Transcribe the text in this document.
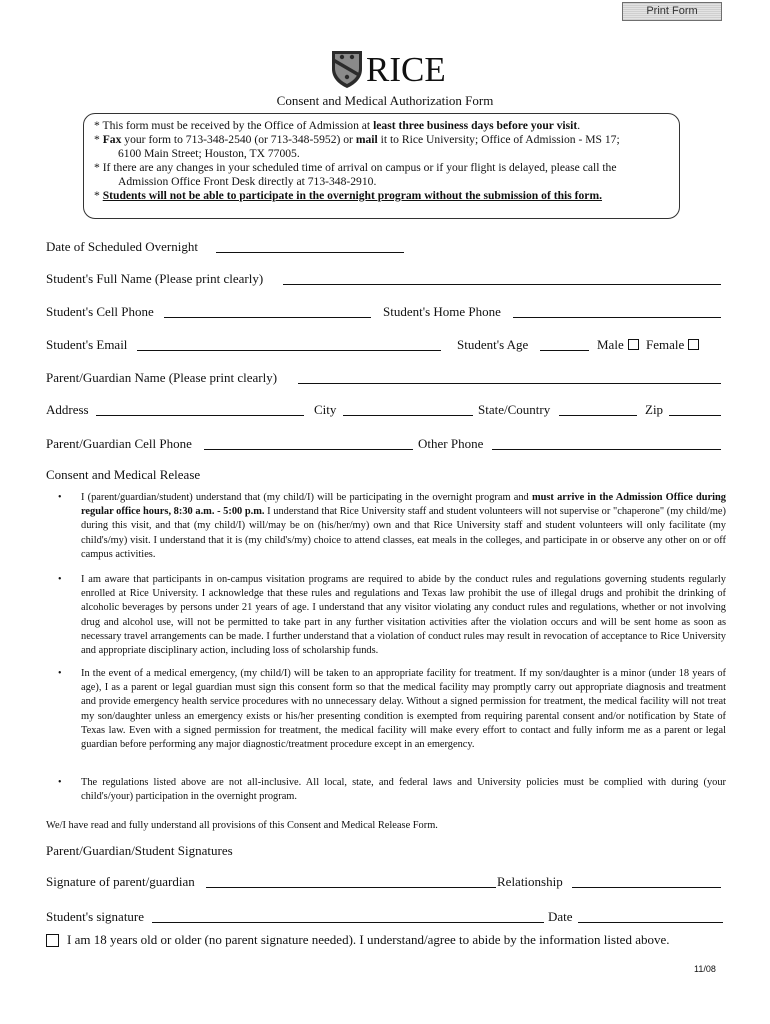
Print Form
RICE
Consent and Medical Authorization Form

* This form must be received by the Office of Admission at least three business days before your visit.

* Fax your form to 713-348-2540 (or 713-348-5952) or mail it to Rice University; Office of Admission - MS 17;

6100 Main Street; Houston, TX 77005.

* If there are any changes in your scheduled time of arrival on campus or if your flight is delayed, please call the

Admission Office Front Desk directly at 713-348-2910.

* Students will not be able to participate in the overnight program without the submission of this form.

Date of Scheduled Overnight
Student's Full Name (Please print clearly)
Student's Cell Phone	Student's Home Phone
Student's Email	Student's Age	Male Female
Parent/Guardian Name (Please print clearly)
Address	City	State/Country	Zip
Parent/Guardian Cell Phone	Other Phone
Consent and Medical Release
• I (parent/guardian/student) understand that (my child/I) will be participating in the overnight program and must arrive in the Admission Office during regular office hours, 8:30 a.m. - 5:00 p.m. I understand that Rice University staff and student volunteers will not supervise or "chaperone" (my child/me) during this visit, and that (my child/I) will/may be on (his/her/my) own and that Rice University staff and student volunteers will only facilitate (my child's/my) visit. I understand that it is (my child's/my) choice to attend classes, eat meals in the colleges, and participate in or observe any other on or off campus activities.
• I am aware that participants in on-campus visitation programs are required to abide by the conduct rules and regulations governing students regularly enrolled at Rice University. I acknowledge that these rules and regulations and Texas law prohibit the use of illegal drugs and prohibit the drinking of alcoholic beverages by persons under 21 years of age. I understand that any visitor violating any conduct rules and regulations, whether or not involving drug and alcohol use, will not be permitted to take part in any further visitation activities after the violation occurs and will be sent home as soon as necessary travel arrangements can be made. I further understand that a violation of conduct rules may result in revocation of acceptance to Rice University and appropriate disciplinary action, including loss of scholarship funds.
• In the event of a medical emergency, (my child/I) will be taken to an appropriate facility for treatment. If my son/daughter is a minor (under 18 years of age), I as a parent or legal guardian must sign this consent form so that the medical facility may promptly carry out appropriate diagnosis and treatment and provide emergency health service procedures with no unnecessary delay. Without a signed permission for treatment, the medical facility will not treat my son/daughter unless an emergency exists or his/her presenting condition is exempted from requiring parental consent and/or notification by State of Texas law. Even with a signed permission for treatment, the medical facility will make every effort to contact and fully inform me as a parent or legal guardian before performing any major diagnostic/treatment procedure except in an emergency.
• The regulations listed above are not all-inclusive. All local, state, and federal laws and University policies must be complied with during (your child's/your) participation in the overnight program.
We/I have read and fully understand all provisions of this Consent and Medical Release Form.
Parent/Guardian/Student Signatures
Signature of parent/guardian	Relationship
Student's signature	Date
I am 18 years old or older (no parent signature needed). I understand/agree to abide by the information listed above.
11/08
